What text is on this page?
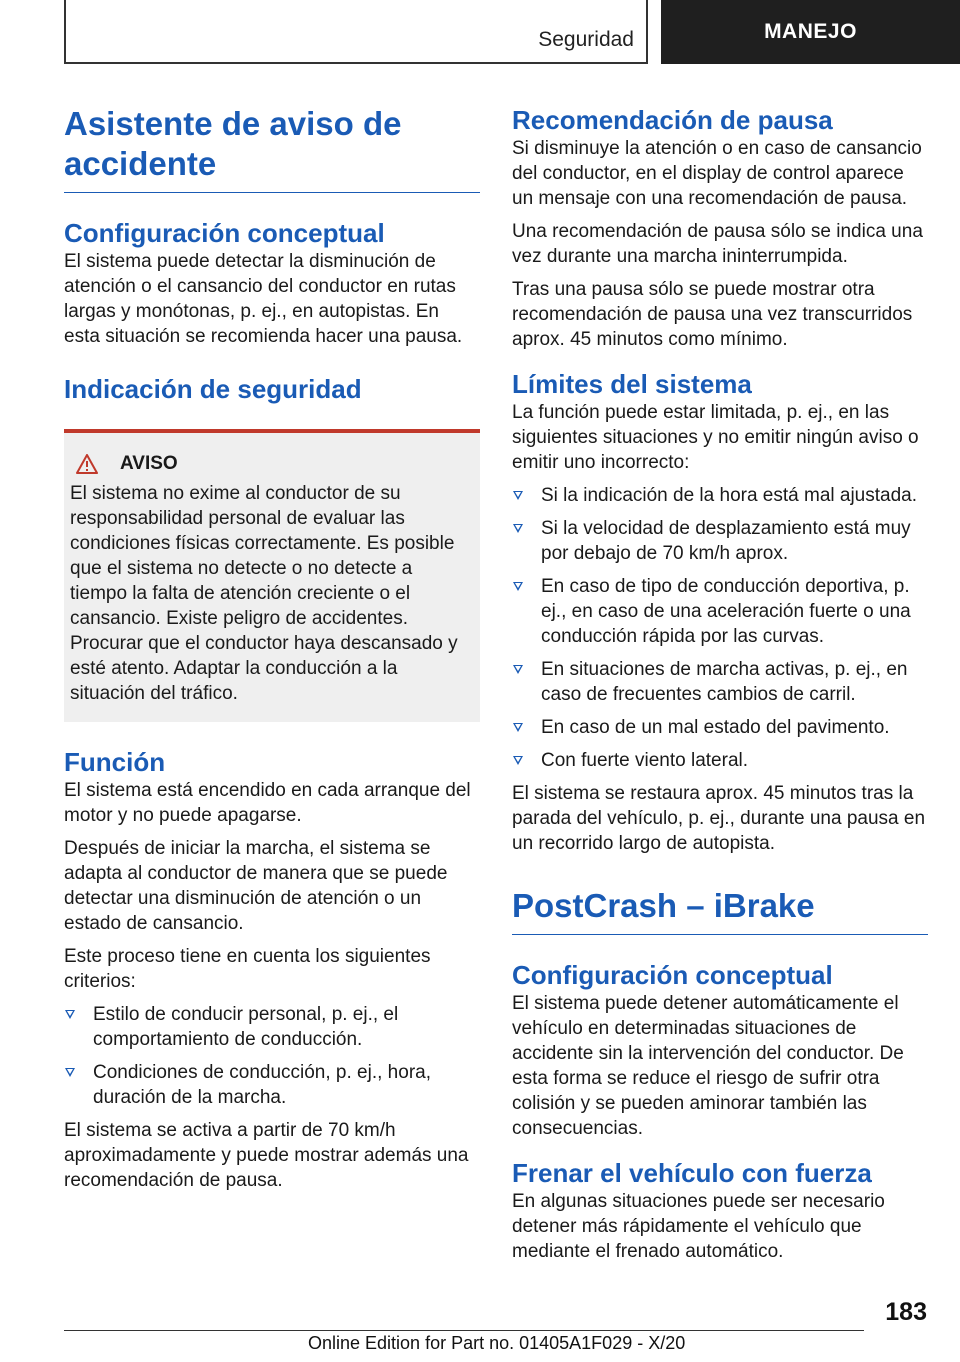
Seguridad	MANEJO
Asistente de aviso de accidente
Configuración conceptual

El sistema puede detectar la disminución de atención o el cansancio del conductor en rutas largas y monótonas, p. ej., en autopistas. En esta situación se recomienda hacer una pausa.

Indicación de seguridad
AVISO

El sistema no exime al conductor de su responsabilidad personal de evaluar las condiciones físicas correctamente. Es posible que el sistema no detecte o no detecte a tiempo la falta de atención creciente o el cansancio. Existe peligro de accidentes. Procurar que el conductor haya descansado y esté atento. Adaptar la conducción a la situación del tráfico.

Función

El sistema está encendido en cada arranque del motor y no puede apagarse.

Después de iniciar la marcha, el sistema se adapta al conductor de manera que se puede detectar una disminución de atención o un estado de cansancio.

Este proceso tiene en cuenta los siguientes criterios:

Estilo de conducir personal, p. ej., el comportamiento de conducción.
Condiciones de conducción, p. ej., hora, duración de la marcha.

El sistema se activa a partir de 70 km/h aproximadamente y puede mostrar además una recomendación de pausa.

Recomendación de pausa

Si disminuye la atención o en caso de cansancio del conductor, en el display de control aparece un mensaje con una recomendación de pausa.

Una recomendación de pausa sólo se indica una vez durante una marcha ininterrumpida.

Tras una pausa sólo se puede mostrar otra recomendación de pausa una vez transcurridos aprox. 45 minutos como mínimo.

Límites del sistema

La función puede estar limitada, p. ej., en las siguientes situaciones y no emitir ningún aviso o emitir uno incorrecto:

Si la indicación de la hora está mal ajustada.
Si la velocidad de desplazamiento está muy por debajo de 70 km/h aprox.
En caso de tipo de conducción deportiva, p. ej., en caso de una aceleración fuerte o una conducción rápida por las curvas.
En situaciones de marcha activas, p. ej., en caso de frecuentes cambios de carril.
En caso de un mal estado del pavimento.
Con fuerte viento lateral.

El sistema se restaura aprox. 45 minutos tras la parada del vehículo, p. ej., durante una pausa en un recorrido largo de autopista.

PostCrash – iBrake
Configuración conceptual

El sistema puede detener automáticamente el vehículo en determinadas situaciones de accidente sin la intervención del conductor. De esta forma se reduce el riesgo de sufrir otra colisión y se pueden aminorar también las consecuencias.

Frenar el vehículo con fuerza

En algunas situaciones puede ser necesario detener más rápidamente el vehículo que mediante el frenado automático.

183
Online Edition for Part no. 01405A1F029 - X/20
